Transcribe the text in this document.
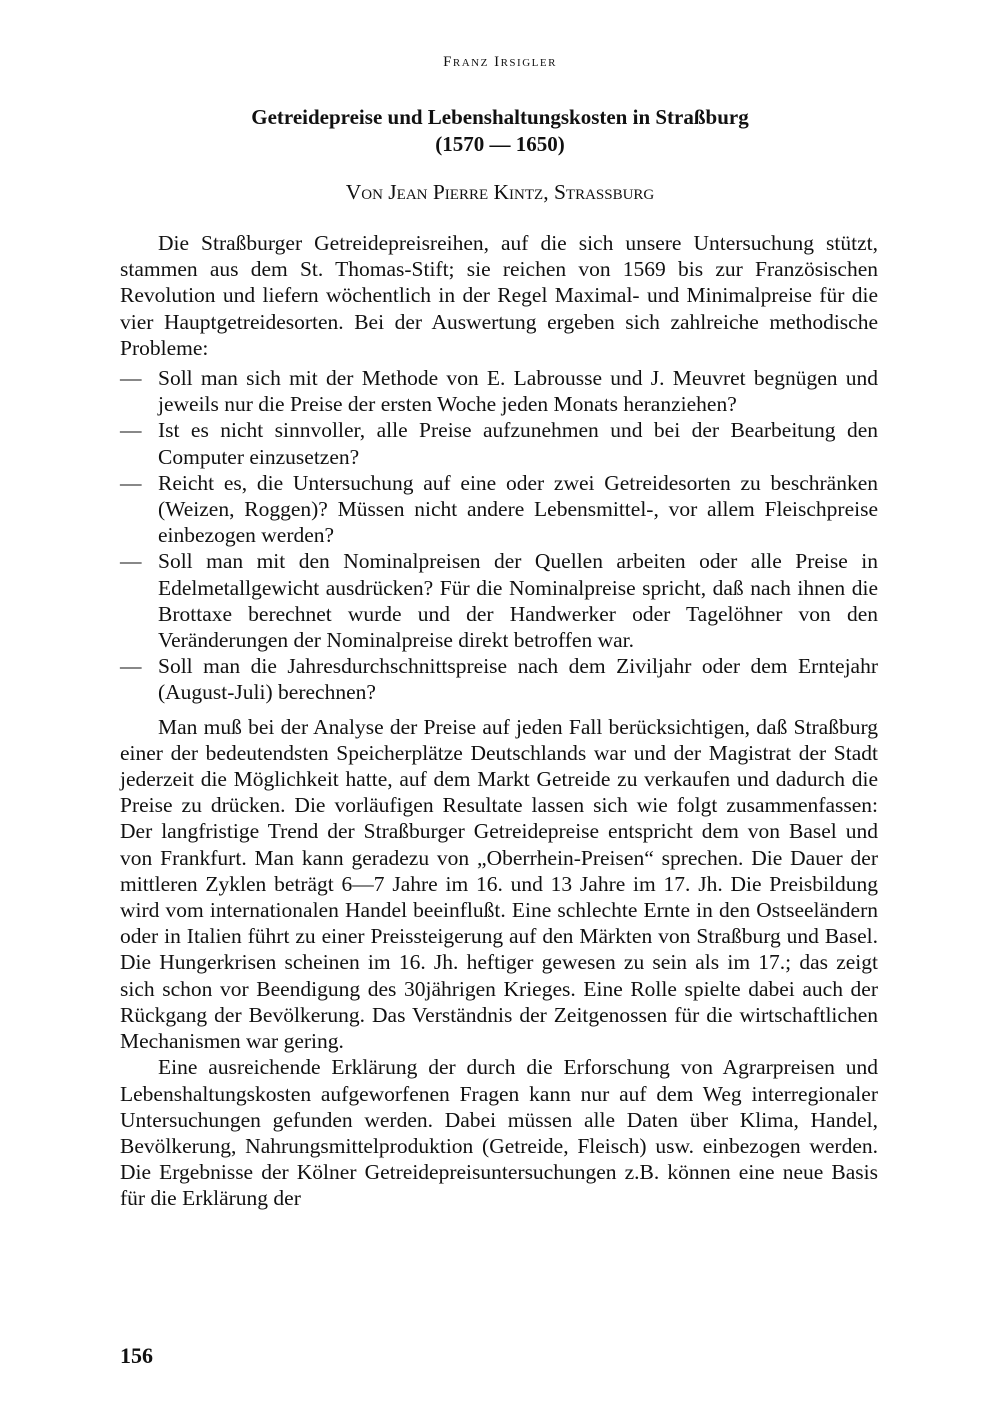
Franz Irsigler
Getreidepreise und Lebenshaltungskosten in Straßburg
(1570 — 1650)
Von Jean Pierre Kintz, Straßburg

Die Straßburger Getreidepreisreihen, auf die sich unsere Untersuchung stützt, stammen aus dem St. Thomas-Stift; sie reichen von 1569 bis zur Französischen Revolution und liefern wöchentlich in der Regel Maximal- und Minimalpreise für die vier Hauptgetreidesorten. Bei der Auswertung ergeben sich zahlreiche methodische Probleme:

— Soll man sich mit der Methode von E. Labrousse und J. Meuvret begnügen und jeweils nur die Preise der ersten Woche jeden Monats heranziehen?
— Ist es nicht sinnvoller, alle Preise aufzunehmen und bei der Bearbeitung den Computer einzusetzen?
— Reicht es, die Untersuchung auf eine oder zwei Getreidesorten zu beschränken (Weizen, Roggen)? Müssen nicht andere Lebensmittel-, vor allem Fleischpreise einbezogen werden?
— Soll man mit den Nominalpreisen der Quellen arbeiten oder alle Preise in Edelmetallgewicht ausdrücken? Für die Nominalpreise spricht, daß nach ihnen die Brottaxe berechnet wurde und der Handwerker oder Tagelöhner von den Veränderungen der Nominalpreise direkt betroffen war.
— Soll man die Jahresdurchschnittspreise nach dem Ziviljahr oder dem Erntejahr (August-Juli) berechnen?

Man muß bei der Analyse der Preise auf jeden Fall berücksichtigen, daß Straßburg einer der bedeutendsten Speicherplätze Deutschlands war und der Magistrat der Stadt jederzeit die Möglichkeit hatte, auf dem Markt Getreide zu verkaufen und dadurch die Preise zu drücken. Die vorläufigen Resultate lassen sich wie folgt zusammenfassen: Der langfristige Trend der Straßburger Getreidepreise entspricht dem von Basel und von Frankfurt. Man kann geradezu von „Oberrhein-Preisen“ sprechen. Die Dauer der mittleren Zyklen beträgt 6—7 Jahre im 16. und 13 Jahre im 17. Jh. Die Preisbildung wird vom internationalen Handel beeinflußt. Eine schlechte Ernte in den Ostseeländern oder in Italien führt zu einer Preissteigerung auf den Märkten von Straßburg und Basel. Die Hungerkrisen scheinen im 16. Jh. heftiger gewesen zu sein als im 17.; das zeigt sich schon vor Beendigung des 30jährigen Krieges. Eine Rolle spielte dabei auch der Rückgang der Bevölkerung. Das Verständnis der Zeitgenossen für die wirtschaftlichen Mechanismen war gering.

Eine ausreichende Erklärung der durch die Erforschung von Agrarpreisen und Lebenshaltungskosten aufgeworfenen Fragen kann nur auf dem Weg interregionaler Untersuchungen gefunden werden. Dabei müssen alle Daten über Klima, Handel, Bevölkerung, Nahrungsmittelproduktion (Getreide, Fleisch) usw. einbezogen werden. Die Ergebnisse der Kölner Getreidepreisuntersuchungen z.B. können eine neue Basis für die Erklärung der

156
